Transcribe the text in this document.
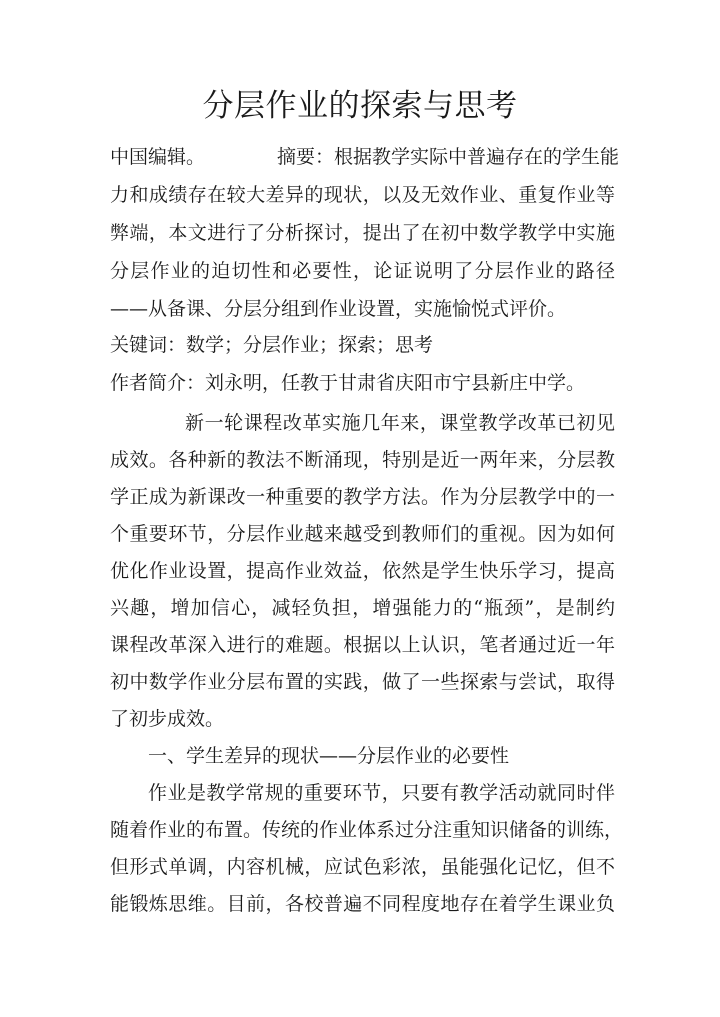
分层作业的探索与思考
中国编辑。	摘要：根据教学实际中普遍存在的学生能
力和成绩存在较大差异的现状，以及无效作业、重复作业等
弊端，本文进行了分析探讨，提出了在初中数学教学中实施
分层作业的迫切性和必要性，论证说明了分层作业的路径
——从备课、分层分组到作业设置，实施愉悦式评价。
关键词：数学；分层作业；探索；思考
作者简介：刘永明，任教于甘肃省庆阳市宁县新庄中学。
新一轮课程改革实施几年来，课堂教学改革已初见
成效。各种新的教法不断涌现，特别是近一两年来，分层教
学正成为新课改一种重要的教学方法。作为分层教学中的一
个重要环节，分层作业越来越受到教师们的重视。因为如何
优化作业设置，提高作业效益，依然是学生快乐学习，提高
兴趣，增加信心，减轻负担，增强能力的“瓶颈”，是制约
课程改革深入进行的难题。根据以上认识，笔者通过近一年
初中数学作业分层布置的实践，做了一些探索与尝试，取得
了初步成效。
一、学生差异的现状——分层作业的必要性
作业是教学常规的重要环节，只要有教学活动就同时伴
随着作业的布置。传统的作业体系过分注重知识储备的训练，
但形式单调，内容机械，应试色彩浓，虽能强化记忆，但不
能锻炼思维。目前，各校普遍不同程度地存在着学生课业负
